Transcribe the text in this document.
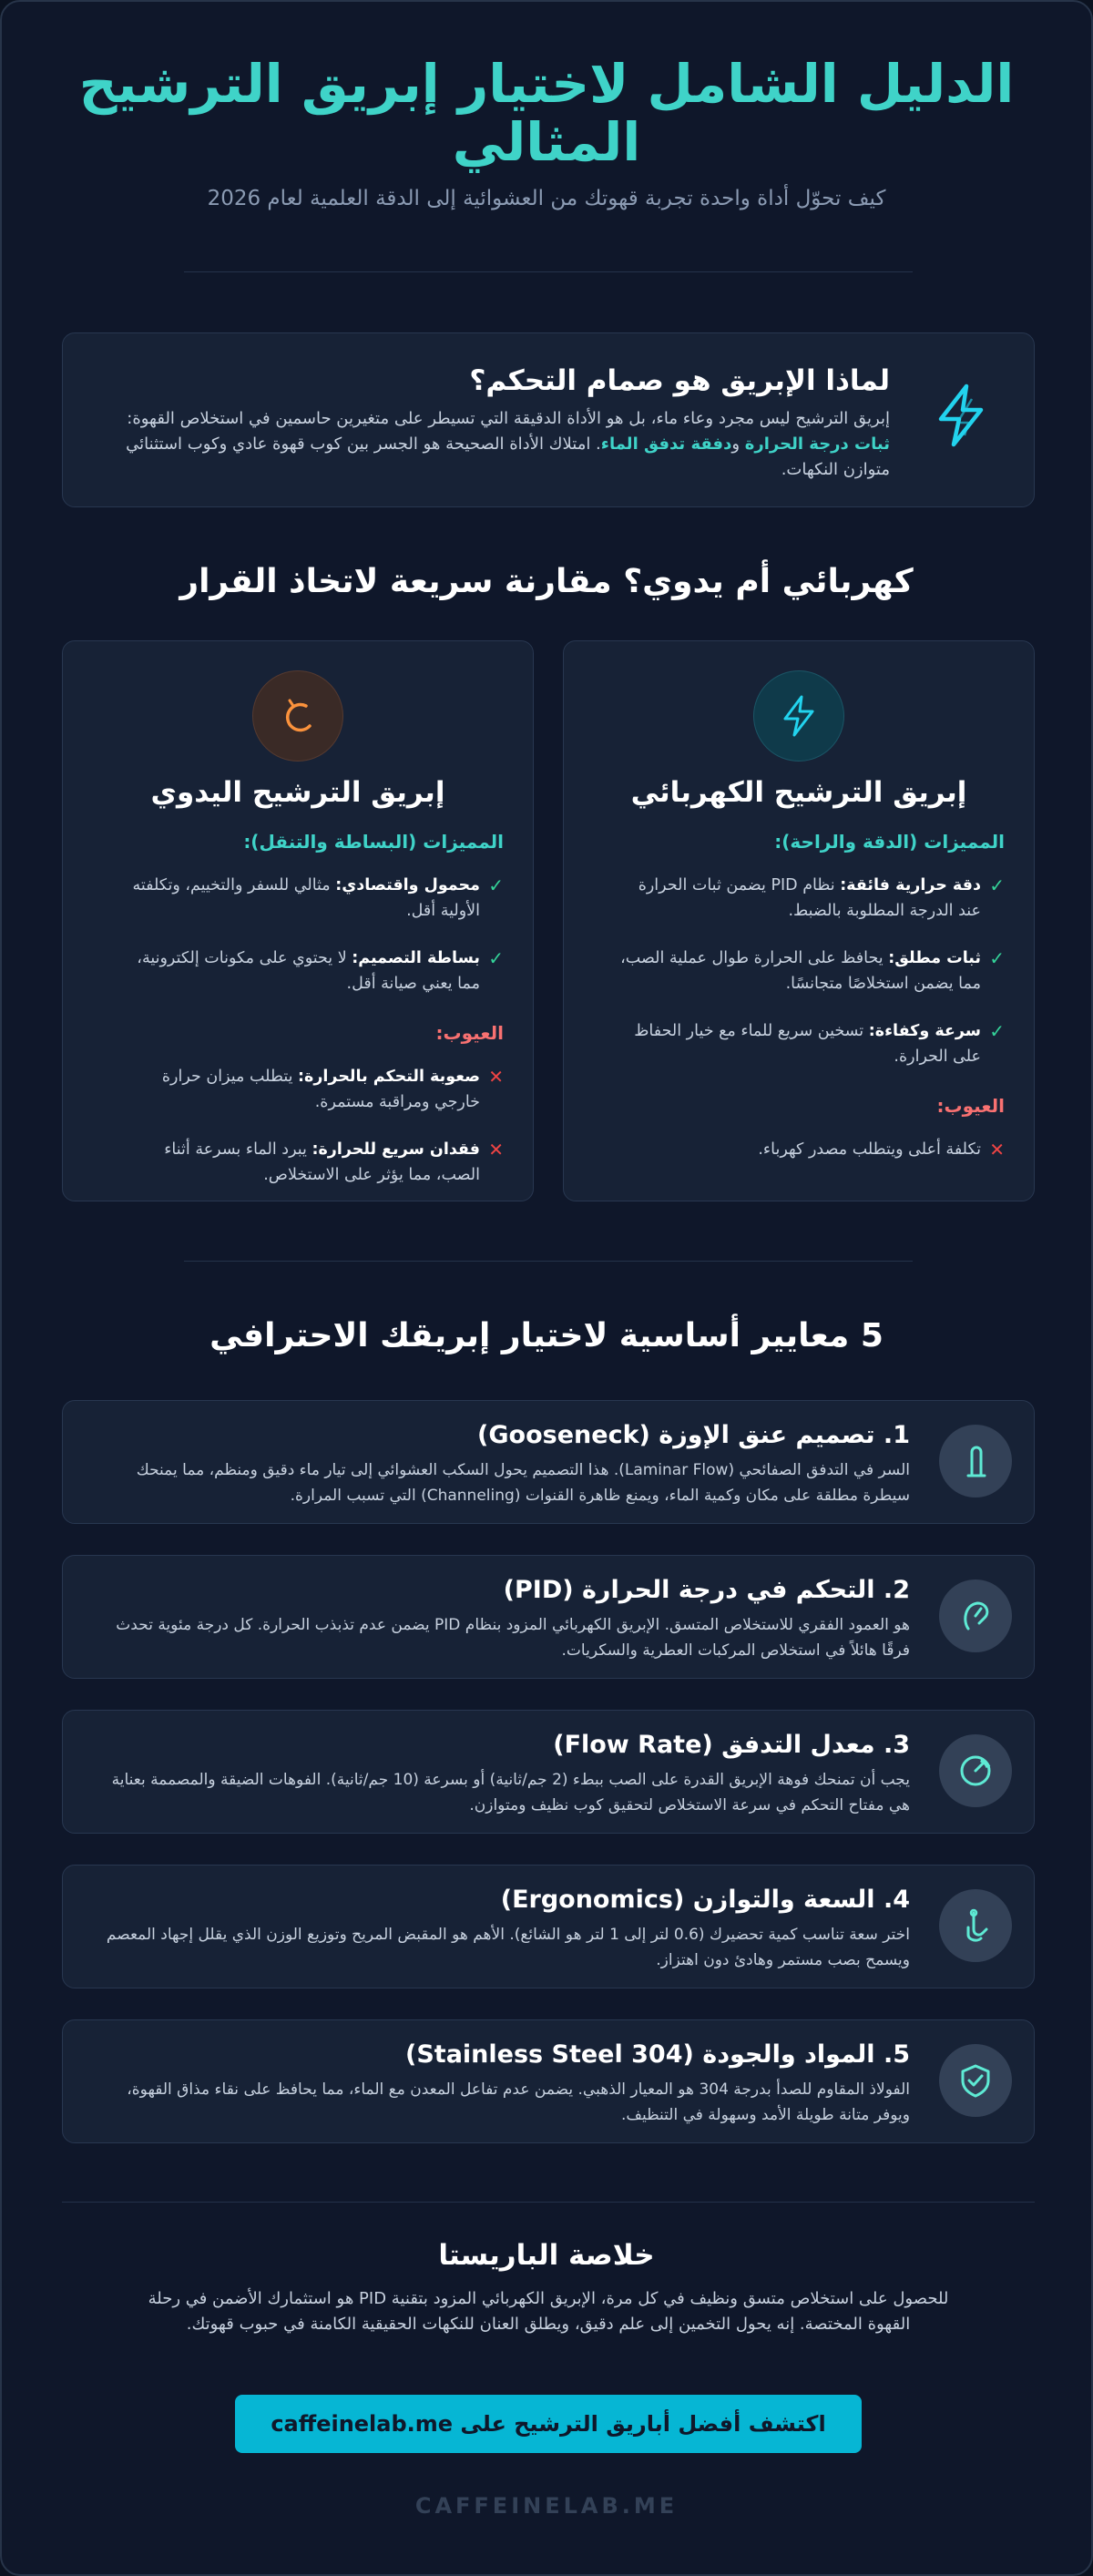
الدليل الشامل لاختيار إبريق الترشيح المثالي
كيف تحوّل أداة واحدة تجربة قهوتك من العشوائية إلى الدقة العلمية لعام 2026
لماذا الإبريق هو صمام التحكم؟
إبريق الترشيح ليس مجرد وعاء ماء، بل هو الأداة الدقيقة التي تسيطر على متغيرين حاسمين في استخلاص القهوة: ثبات درجة الحرارة ودفقة تدفق الماء. امتلاك الأداة الصحيحة هو الجسر بين كوب قهوة عادي وكوب استثنائي متوازن النكهات.
كهربائي أم يدوي؟ مقارنة سريعة لاتخاذ القرار
إبريق الترشيح الكهربائي
المميزات (الدقة والراحة):
✓
دقة حرارية فائقة: نظام PID يضمن ثبات الحرارة عند الدرجة المطلوبة بالضبط.
✓
ثبات مطلق: يحافظ على الحرارة طوال عملية الصب، مما يضمن استخلاصًا متجانسًا.
✓
سرعة وكفاءة: تسخين سريع للماء مع خيار الحفاظ على الحرارة.
العيوب:
✕
تكلفة أعلى ويتطلب مصدر كهرباء.
إبريق الترشيح اليدوي
المميزات (البساطة والتنقل):
✓
محمول واقتصادي: مثالي للسفر والتخييم، وتكلفته الأولية أقل.
✓
بساطة التصميم: لا يحتوي على مكونات إلكترونية، مما يعني صيانة أقل.
العيوب:
✕
صعوبة التحكم بالحرارة: يتطلب ميزان حرارة خارجي ومراقبة مستمرة.
✕
فقدان سريع للحرارة: يبرد الماء بسرعة أثناء الصب، مما يؤثر على الاستخلاص.
5 معايير أساسية لاختيار إبريقك الاحترافي
1. تصميم عنق الإوزة (Gooseneck)
السر في التدفق الصفائحي (Laminar Flow). هذا التصميم يحول السكب العشوائي إلى تيار ماء دقيق ومنظم، مما يمنحك سيطرة مطلقة على مكان وكمية الماء، ويمنع ظاهرة القنوات (Channeling) التي تسبب المرارة.
2. التحكم في درجة الحرارة (PID)
هو العمود الفقري للاستخلاص المتسق. الإبريق الكهربائي المزود بنظام PID يضمن عدم تذبذب الحرارة. كل درجة مئوية تحدث فرقًا هائلاً في استخلاص المركبات العطرية والسكريات.
3. معدل التدفق (Flow Rate)
يجب أن تمنحك فوهة الإبريق القدرة على الصب ببطء (2 جم/ثانية) أو بسرعة (10 جم/ثانية). الفوهات الضيقة والمصممة بعناية هي مفتاح التحكم في سرعة الاستخلاص لتحقيق كوب نظيف ومتوازن.
4. السعة والتوازن (Ergonomics)
اختر سعة تناسب كمية تحضيرك (0.6 لتر إلى 1 لتر هو الشائع). الأهم هو المقبض المريح وتوزيع الوزن الذي يقلل إجهاد المعصم ويسمح بصب مستمر وهادئ دون اهتزاز.
5. المواد والجودة (Stainless Steel 304)
الفولاذ المقاوم للصدأ بدرجة 304 هو المعيار الذهبي. يضمن عدم تفاعل المعدن مع الماء، مما يحافظ على نقاء مذاق القهوة، ويوفر متانة طويلة الأمد وسهولة في التنظيف.
خلاصة الباريستا
للحصول على استخلاص متسق ونظيف في كل مرة، الإبريق الكهربائي المزود بتقنية PID هو استثمارك الأضمن في رحلة القهوة المختصة. إنه يحول التخمين إلى علم دقيق، ويطلق العنان للنكهات الحقيقية الكامنة في حبوب قهوتك.
اكتشف أفضل أباريق الترشيح على caffeinelab.me
CAFFEINELAB.ME
